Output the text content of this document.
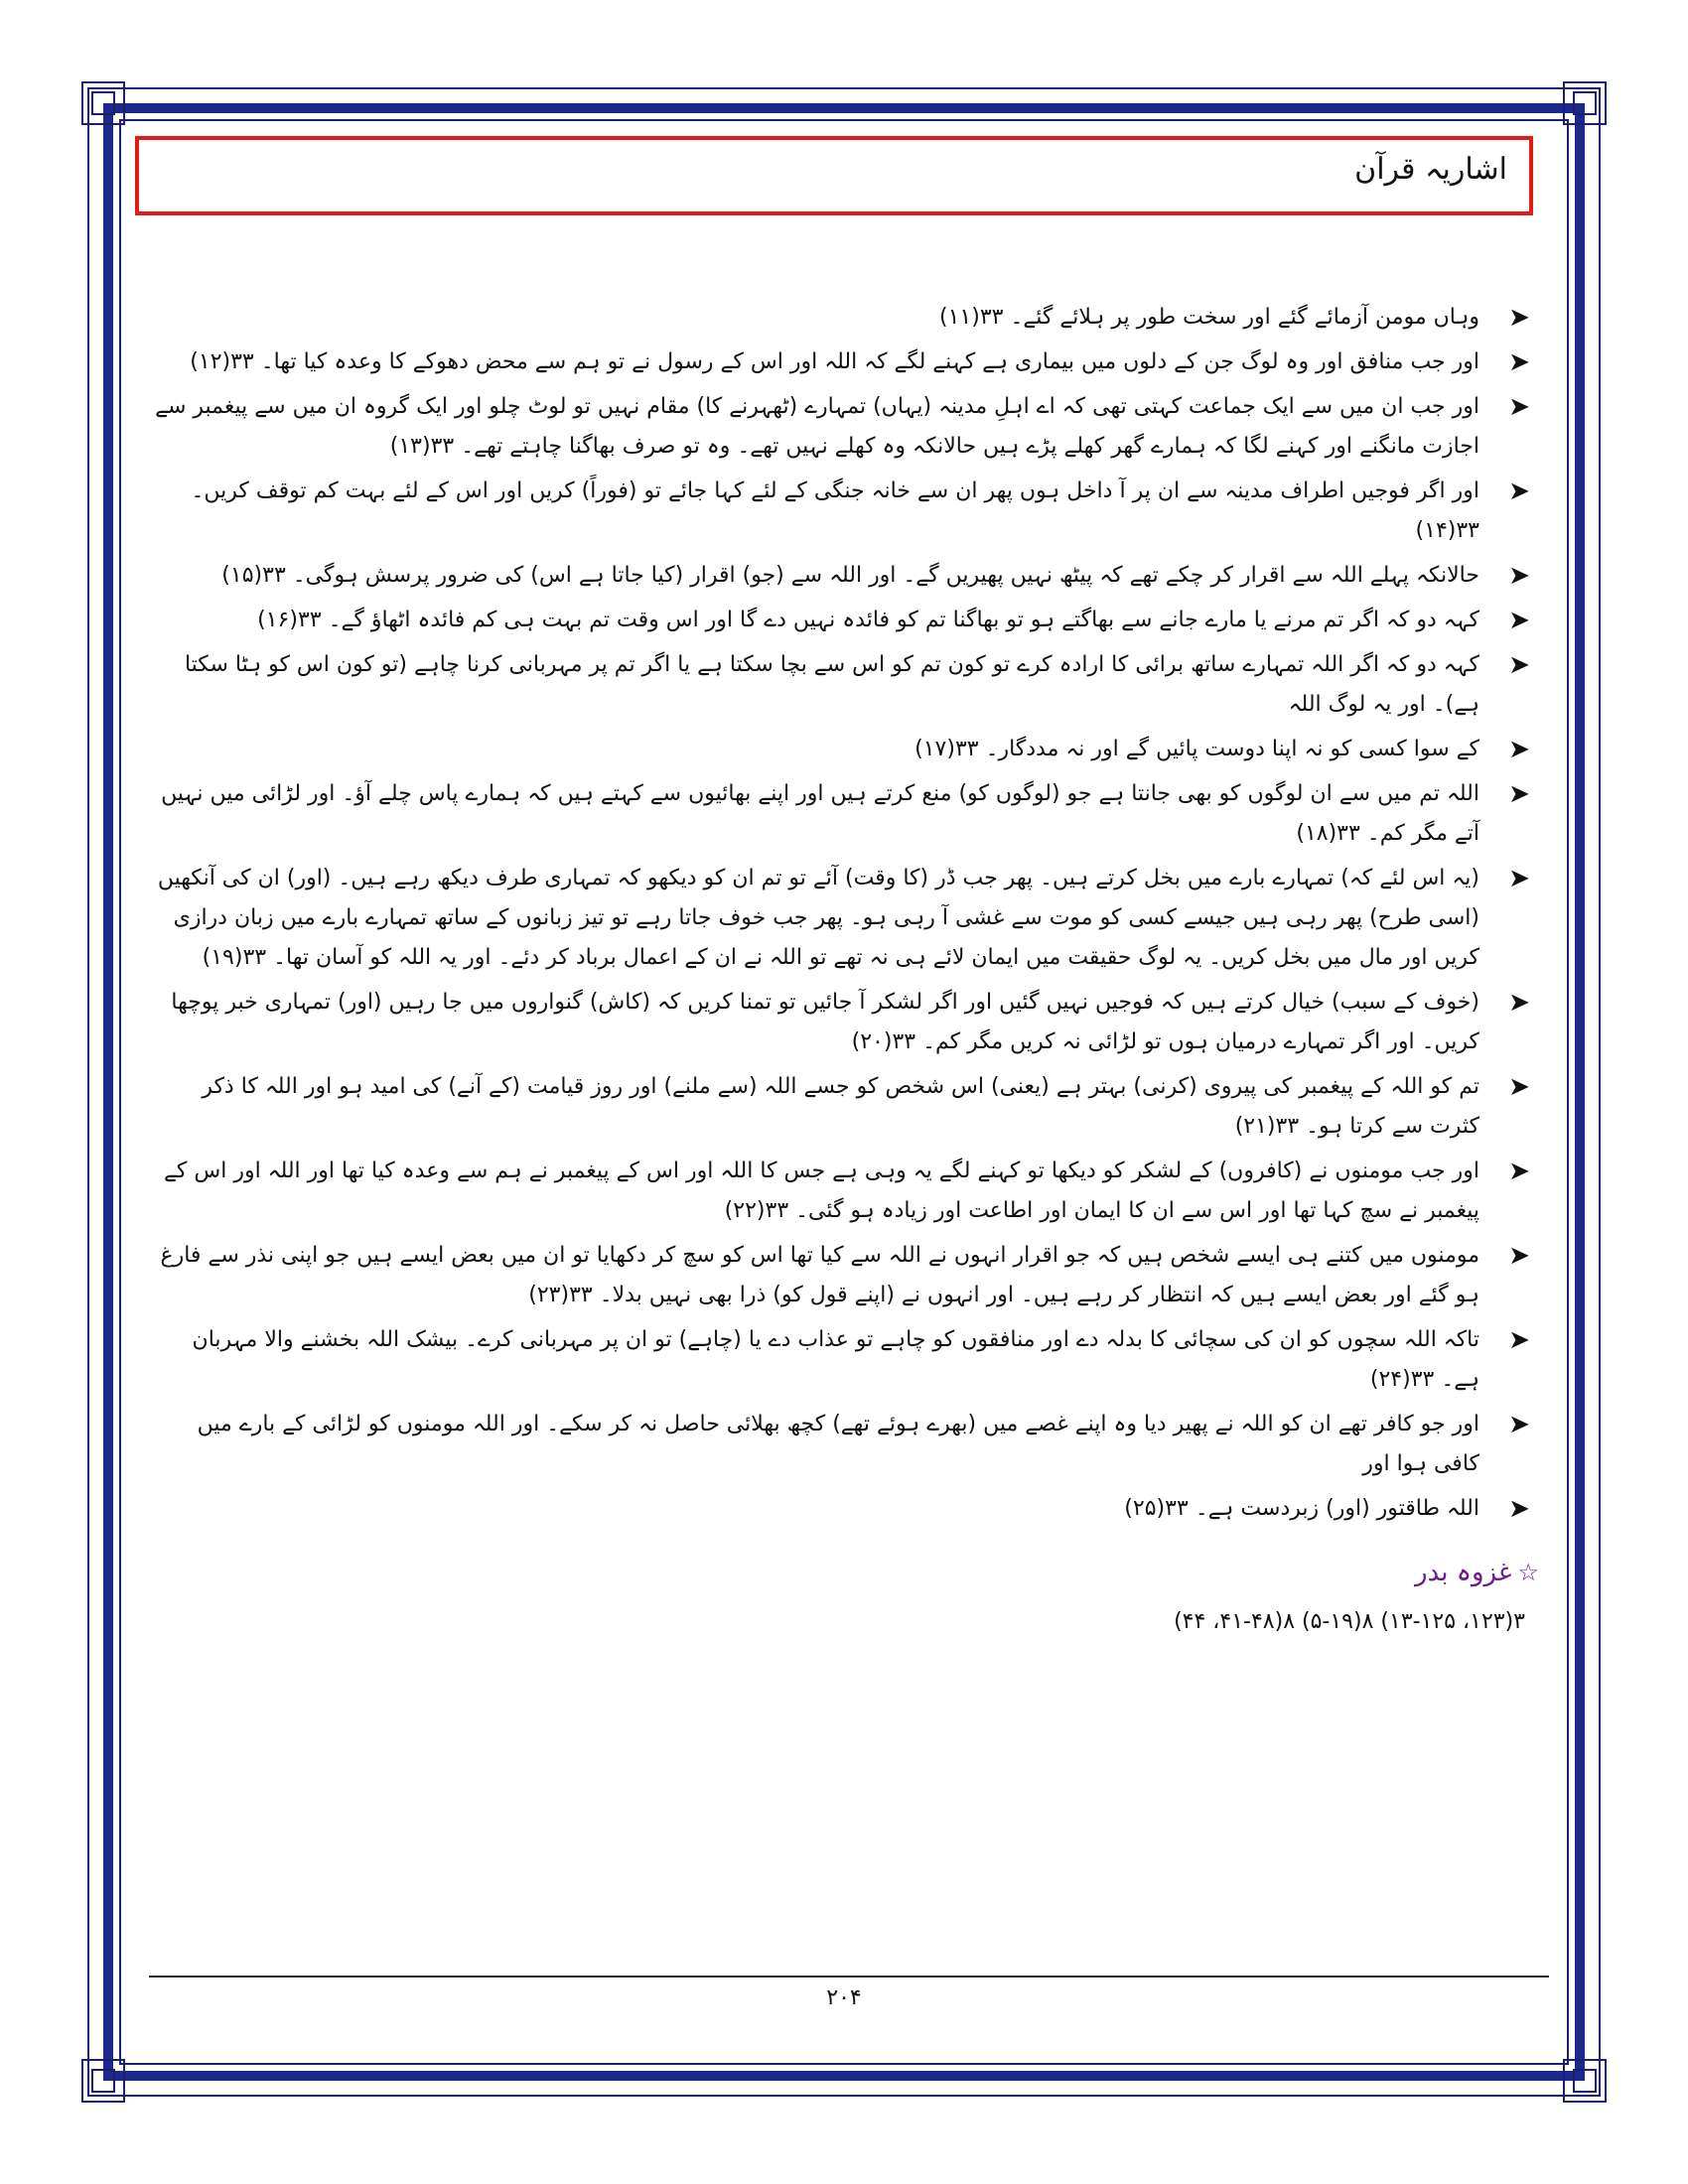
اشاریہ قرآن
➤
وہاں مومن آزمائے گئے اور سخت طور پر ہلائے گئے۔ ۳۳(۱۱)
➤
اور جب منافق اور وہ لوگ جن کے دلوں میں بیماری ہے کہنے لگے کہ اللہ اور اس کے رسول نے تو ہم سے محض دھوکے کا وعدہ کیا تھا۔ ۳۳(۱۲)
➤
اور جب ان میں سے ایک جماعت کہتی تھی کہ اے اہلِ مدینہ (یہاں) تمہارے (ٹھہرنے کا) مقام نہیں تو لوٹ چلو اور ایک گروہ ان میں سے پیغمبر سے اجازت مانگنے اور کہنے لگا کہ ہمارے گھر کھلے پڑے ہیں حالانکہ وہ کھلے نہیں تھے۔ وہ تو صرف بھاگنا چاہتے تھے۔ ۳۳(۱۳)
➤
اور اگر فوجیں اطراف مدینہ سے ان پر آ داخل ہوں پھر ان سے خانہ جنگی کے لئے کہا جائے تو (فوراً) کریں اور اس کے لئے بہت کم توقف کریں۔ ۳۳(۱۴)
➤
حالانکہ پہلے اللہ سے اقرار کر چکے تھے کہ پیٹھ نہیں پھیریں گے۔ اور اللہ سے (جو) اقرار (کیا جاتا ہے اس) کی ضرور پرسش ہوگی۔ ۳۳(۱۵)
➤
کہہ دو کہ اگر تم مرنے یا مارے جانے سے بھاگتے ہو تو بھاگنا تم کو فائدہ نہیں دے گا اور اس وقت تم بہت ہی کم فائدہ اٹھاؤ گے۔ ۳۳(۱۶)
➤
کہہ دو کہ اگر اللہ تمہارے ساتھ برائی کا ارادہ کرے تو کون تم کو اس سے بچا سکتا ہے یا اگر تم پر مہربانی کرنا چاہے (تو کون اس کو ہٹا سکتا ہے)۔ اور یہ لوگ اللہ
➤
کے سوا کسی کو نہ اپنا دوست پائیں گے اور نہ مددگار۔ ۳۳(۱۷)
➤
اللہ تم میں سے ان لوگوں کو بھی جانتا ہے جو (لوگوں کو) منع کرتے ہیں اور اپنے بھائیوں سے کہتے ہیں کہ ہمارے پاس چلے آؤ۔ اور لڑائی میں نہیں آتے مگر کم۔ ۳۳(۱۸)
➤
(یہ اس لئے کہ) تمہارے بارے میں بخل کرتے ہیں۔ پھر جب ڈر (کا وقت) آئے تو تم ان کو دیکھو کہ تمہاری طرف دیکھ رہے ہیں۔ (اور) ان کی آنکھیں (اسی طرح) پھر رہی ہیں جیسے کسی کو موت سے غشی آ رہی ہو۔ پھر جب خوف جاتا رہے تو تیز زبانوں کے ساتھ تمہارے بارے میں زبان درازی کریں اور مال میں بخل کریں۔ یہ لوگ حقیقت میں ایمان لائے ہی نہ تھے تو اللہ نے ان کے اعمال برباد کر دئے۔ اور یہ اللہ کو آسان تھا۔ ۳۳(۱۹)
➤
(خوف کے سبب) خیال کرتے ہیں کہ فوجیں نہیں گئیں اور اگر لشکر آ جائیں تو تمنا کریں کہ (کاش) گنواروں میں جا رہیں (اور) تمہاری خبر پوچھا کریں۔ اور اگر تمہارے درمیان ہوں تو لڑائی نہ کریں مگر کم۔ ۳۳(۲۰)
➤
تم کو اللہ کے پیغمبر کی پیروی (کرنی) بہتر ہے (یعنی) اس شخص کو جسے اللہ (سے ملنے) اور روز قیامت (کے آنے) کی امید ہو اور اللہ کا ذکر کثرت سے کرتا ہو۔ ۳۳(۲۱)
➤
اور جب مومنوں نے (کافروں) کے لشکر کو دیکھا تو کہنے لگے یہ وہی ہے جس کا اللہ اور اس کے پیغمبر نے ہم سے وعدہ کیا تھا اور اللہ اور اس کے پیغمبر نے سچ کہا تھا اور اس سے ان کا ایمان اور اطاعت اور زیادہ ہو گئی۔ ۳۳(۲۲)
➤
مومنوں میں کتنے ہی ایسے شخص ہیں کہ جو اقرار انہوں نے اللہ سے کیا تھا اس کو سچ کر دکھایا تو ان میں بعض ایسے ہیں جو اپنی نذر سے فارغ ہو گئے اور بعض ایسے ہیں کہ انتظار کر رہے ہیں۔ اور انہوں نے (اپنے قول کو) ذرا بھی نہیں بدلا۔ ۳۳(۲۳)
➤
تاکہ اللہ سچوں کو ان کی سچائی کا بدلہ دے اور منافقوں کو چاہے تو عذاب دے یا (چاہے) تو ان پر مہربانی کرے۔ بیشک اللہ بخشنے والا مہربان ہے۔ ۳۳(۲۴)
➤
اور جو کافر تھے ان کو اللہ نے پھیر دیا وہ اپنے غصے میں (بھرے ہوئے تھے) کچھ بھلائی حاصل نہ کر سکے۔ اور اللہ مومنوں کو لڑائی کے بارے میں کافی ہوا اور
➤
اللہ طاقتور (اور) زبردست ہے۔ ۳۳(۲۵)
☆غزوہ بدر
۳(۱۲۳، ۱۳-۱۲۵) ۸(۵-۱۹) ۸(۴۱-۴۸، ۴۴)
۲۰۴
